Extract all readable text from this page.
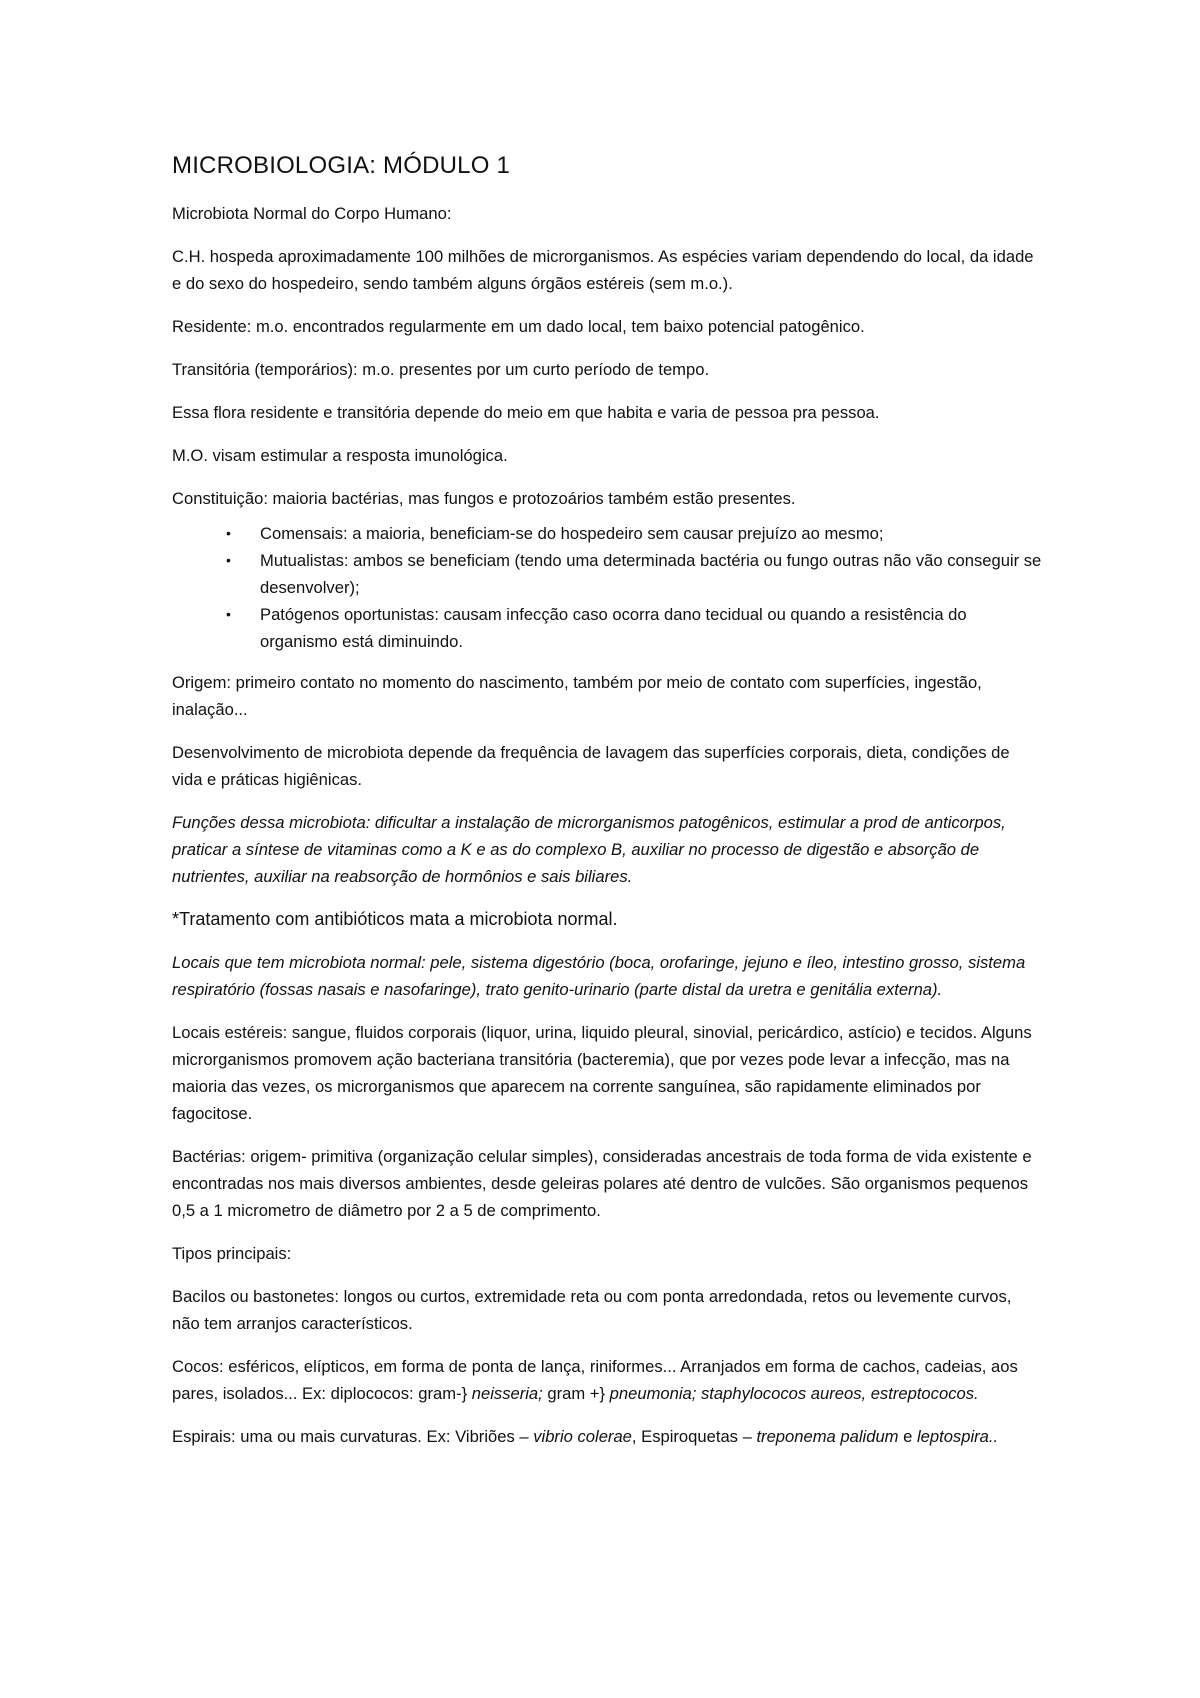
MICROBIOLOGIA: MÓDULO 1

Microbiota Normal do Corpo Humano:

C.H. hospeda aproximadamente 100 milhões de microrganismos. As espécies variam dependendo do local, da idade e do sexo do hospedeiro, sendo também alguns órgãos estéreis (sem m.o.).

Residente: m.o. encontrados regularmente em um dado local, tem baixo potencial patogênico.

Transitória (temporários): m.o. presentes por um curto período de tempo.

Essa flora residente e transitória depende do meio em que habita e varia de pessoa pra pessoa.

M.O. visam estimular a resposta imunológica.

Constituição: maioria bactérias, mas fungos e protozoários também estão presentes.

• Comensais: a maioria, beneficiam-se do hospedeiro sem causar prejuízo ao mesmo;
• Mutualistas: ambos se beneficiam (tendo uma determinada bactéria ou fungo outras não vão conseguir se desenvolver);
• Patógenos oportunistas: causam infecção caso ocorra dano tecidual ou quando a resistência do organismo está diminuindo.

Origem: primeiro contato no momento do nascimento, também por meio de contato com superfícies, ingestão, inalação...

Desenvolvimento de microbiota depende da frequência de lavagem das superfícies corporais, dieta, condições de vida e práticas higiênicas.

Funções dessa microbiota: dificultar a instalação de microrganismos patogênicos, estimular a prod de anticorpos, praticar a síntese de vitaminas como a K e as do complexo B, auxiliar no processo de digestão e absorção de nutrientes, auxiliar na reabsorção de hormônios e sais biliares.

*Tratamento com antibióticos mata a microbiota normal.

Locais que tem microbiota normal: pele, sistema digestório (boca, orofaringe, jejuno e íleo, intestino grosso, sistema respiratório (fossas nasais e nasofaringe), trato genito-urinario (parte distal da uretra e genitália externa).

Locais estéreis: sangue, fluidos corporais (liquor, urina, liquido pleural, sinovial, pericárdico, astício) e tecidos. Alguns microrganismos promovem ação bacteriana transitória (bacteremia), que por vezes pode levar a infecção, mas na maioria das vezes, os microrganismos que aparecem na corrente sanguínea, são rapidamente eliminados por fagocitose.

Bactérias: origem- primitiva (organização celular simples), consideradas ancestrais de toda forma de vida existente e encontradas nos mais diversos ambientes, desde geleiras polares até dentro de vulcões. São organismos pequenos 0,5 a 1 micrometro de diâmetro por 2 a 5 de comprimento.

Tipos principais:

Bacilos ou bastonetes: longos ou curtos, extremidade reta ou com ponta arredondada, retos ou levemente curvos, não tem arranjos característicos.

Cocos: esféricos, elípticos, em forma de ponta de lança, riniformes... Arranjados em forma de cachos, cadeias, aos pares, isolados... Ex: diplococos: gram-} neisseria; gram +} pneumonia; staphylococos aureos, estreptococos.

Espirais: uma ou mais curvaturas. Ex: Vibriões – vibrio colerae, Espiroquetas – treponema palidum e leptospira..
